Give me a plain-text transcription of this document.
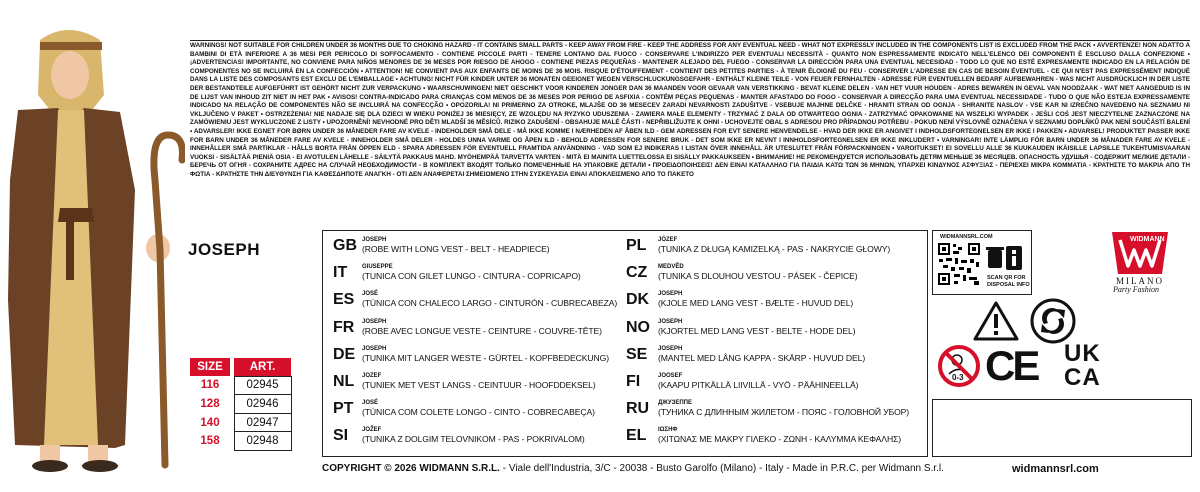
WARNINGS! NOT SUITABLE FOR CHILDREN UNDER 36 MONTHS DUE TO CHOKING HAZARD - IT CONTAINS SMALL PARTS - KEEP AWAY FROM FIRE - KEEP THE ADDRESS FOR ANY EVENTUAL NEED - WHAT NOT EXPRESSLY INCLUDED IN THE COMPONENTS LIST IS EXCLUDED FROM THE PACK • AVVERTENZE! NON ADATTO A BAMBINI DI ETÀ INFERIORE A 36 MESI PER PERICOLO DI SOFFOCAMENTO - CONTIENE PICCOLE PARTI - TENERE LONTANO DAL FUOCO - CONSERVARE L'INDIRIZZO PER EVENTUALI NECESSITÀ - QUANTO NON ESPRESSAMENTE INDICATO NELL'ELENCO DEI COMPONENTI È ESCLUSO DALLA CONFEZIONE • ¡ADVERTENCIAS! IMPORTANTE, NO CONVIENE PARA NIÑOS MENORES DE 36 MESES POR RIESGO DE AHOGO - CONTIENE PIEZAS PEQUEÑAS - MANTENER ALEJADO DEL FUEGO - CONSERVAR LA DIRECCIÓN PARA UNA EVENTUAL NECESIDAD - TODO LO QUE NO ESTÉ EXPRESAMENTE INDICADO EN LA RELACIÓN DE COMPONENTES NO SE INCLUIRÁ EN LA CONFECCIÓN • ATTENTION! NE CONVIENT PAS AUX ENFANTS DE MOINS DE 36 MOIS. RISQUE D'ÉTOUFFEMENT - CONTIENT DES PETITES PARTIES - À TENIR ÉLOIGNÉ DU FEU - CONSERVER L'ADRESSE EN CAS DE BESOIN ÉVENTUEL - CE QUI N'EST PAS EXPRESSÉMENT INDIQUÉ DANS LA LISTE DES COMPOSANTS EST EXCLU DE L'EMBALLAGE • ACHTUNG! NICHT FÜR KINDER UNTER 36 MONATEN GEEIGNET WEGEN VERSCHLUCKUNGSGEFAHR - ENTHÄLT KLEINE TEILE - VON FEUER FERNHALTEN - ADRESSE FÜR EVENTUELLEN BEDARF AUFBEWAHREN - WAS NICHT AUSDRÜCKLICH IN DER LISTE DER BESTANDTEILE AUFGEFÜHRT IST GEHÖRT NICHT ZUR VERPACKUNG • WAARSCHUWINGEN! NIET GESCHIKT VOOR KINDEREN JONGER DAN 36 MAANDEN VOOR GEVAAR VAN VERSTIKKING - BEVAT KLEINE DELEN - VAN HET VUUR HOUDEN - ADRES BEWAREN IN GEVAL VAN NOODZAAK - WAT NIET AANGEDUID IS IN DE LIJST VAN INHOUD ZIT NIET IN HET PAK • AVISOS! CONTRA-INDICADO PARA CRIANÇAS COM MENOS DE 36 MESES POR PERIGO DE ASFIXIA - CONTÉM PEÇAS PEQUENAS - MANTER AFASTADO DO FOGO - CONSERVAR A DIRECÇÃO PARA UMA EVENTUAL NECESSIDADE - TUDO O QUE NÃO ESTEJA EXPRESSAMENTE INDICADO NA RELAÇÃO DE COMPONENTES NÃO SE INCLUIRÁ NA CONFECÇÃO • OPOZORILA! NI PRIMERNO ZA OTROKE, MLAJŠE OD 36 MESECEV ZARADI NEVARNOSTI ZADUŠITVE - VSEBUJE MAJHNE DELČKE - HRANITI STRAN OD OGNJA - SHRANITE NASLOV - VSE KAR NI IZREČNO NAVEDENO NA SEZNAMU NI VKLJUČENO V PAKET • OSTRZEŻENIA! NIE NADAJE SIĘ DLA DZIECI W WIEKU PONIŻEJ 36 MIESIĘCY, ZE WZGLĘDU NA RYZYKO UDUSZENIA - ZAWIERA MAŁE ELEMENTY - TRZYMAĆ Z DALA OD OTWARTEGO OGNIA - ZATRZYMAĆ OPAKOWANIE NA WSZELKI WYPADEK - JEŚLI COŚ JEST NIECZYTELNE ZAZNACZONE NA ZAMÓWIENIU JEST WYKLUCZONE Z LISTY • UPOZORNĚNÍ! NEVHODNÉ PRO DĚTI MLADŠÍ 36 MĚSÍCŮ. RIZIKO ZADUŠENÍ - OBSAHUJE MALÉ ČÁSTI - NEPŘIBLIŽUJTE K OHNI - UCHOVEJTE OBAL S ADRESOU PRO PŘÍPADNOU POTŘEBU - POKUD NENÍ VÝSLOVNĚ OZNAČENA V SEZNAMU DOPLŇKŮ PAK NENÍ SOUČÁSTÍ BALENÍ • ADVARSLER! IKKE EGNET FOR BØRN UNDER 36 MÅNEDER FARE AV KVELE - INDEHOLDER SMÅ DELE - MÅ IKKE KOMME I NÆRHEDEN AF ÅBEN ILD - GEM ADRESSEN FOR EVT SENERE HENVENDELSE - HVAD DER IKKE ER ANGIVET I INDHOLDSFORTEGNELSEN ER IKKE I PAKKEN • ADVARSEL! PRODUKTET PASSER IKKE FOR BARN UNDER 36 MÅNEDER FARE AV KVELE - INNEHOLDER SMÅ DELER - HOLDES UNNA VARME OG ÅPEN ILD - BEHOLD ADRESSEN FOR SENERE BRUK - DET SOM IKKE ER NEVNT I INNHOLDSFORTEGNELSEN ER IKKE INKLUDERT • VARNINGAR! INTE LÄMPLIG FÖR BARN UNDER 36 MÅNADER FARE AV KVELE - INNEHÅLLER SMÅ PARTIKLAR - HÅLLS BORTA FRÅN ÖPPEN ELD - SPARA ADRESSEN FÖR EVENTUELL FRAMTIDA ANVÄNDNING - VAD SOM EJ INDIKERAS I LISTAN ÖVER INNEHÅLL ÄR UTESLUTET FRÅN FÖRPACKNINGEN • VAROITUKSET! EI SOVELLU ALLE 36 KUUKAUDEN IKÄISILLE LAPSILLE TUKEHTUMISVAARAN VUOKSI - SISÄLTÄÄ PIENIÄ OSIA - EI AVOTULEN LÄHELLE - SÄILYTÄ PAKKAUS MAHD. MYÖHEMPÄÄ TARVETTA VARTEN - MITÄ EI MAINITA LUETTELOSSA EI SISÄLLY PAKKAUKSEEN • ВНИМАНИЕ! НЕ РЕКОМЕНДУЕТСЯ ИСПОЛЬЗОВАТЬ ДЕТЯМ МЕНЬШЕ 36 МЕСЯЦЕВ. ОПАСНОСТЬ УДУШЬЯ - СОДЕРЖИТ МЕЛКИЕ ДЕТАЛИ - БЕРЕЧЬ ОТ ОГНЯ - СОХРАНИТЕ АДРЕС НА СЛУЧАЙ НЕОБХОДИМОСТИ - В КОМПЛЕКТ ВХОДЯТ ТОЛЬКО ПОМЕЧЕННЫЕ НА УПАКОВКЕ ДЕТАЛИ • ΠΡΟΕΙΔΟΠΟΙΗΣΕΙΣ! ΔΕΝ ΕΙΝΑΙ ΚΑΤΑΛΛΗΛΟ ΓΙΑ ΠΑΙΔΙΑ ΚΑΤΩ ΤΩΝ 36 ΜΗΝΩΝ, ΥΠΑΡΧΕΙ ΚΙΝΔΥΝΟΣ ΑΣΦΥΞΙΑΣ - ΠΕΡΙΕΧΕΙ ΜΙΚΡΑ ΚΟΜΜΑΤΙΑ - ΚΡΑΤΗΣΤΕ ΤΟ ΜΑΚΡΙΑ ΑΠΟ ΤΗ ΦΩΤΙΑ - ΚΡΑΤΗΣΤΕ ΤΗΝ ΔΙΕΥΘΥΝΣΗ ΓΙΑ ΚΑΘΕΣΔΗΠΟΤΕ ΑΝΑΓΚΗ - ΟΤΙ ΔΕΝ ΑΝΑΦΕΡΕΤΑΙ ΣΗΜΕΙΩΜΕΝΟ ΣΤΗΝ ΣΥΣΚΕΥΑΣΙΑ ΕΙΝΑΙ ΑΠΟΚΛΕΙΣΜΕΝΟ ΑΠΟ ΤΟ ΠΑΚΕΤΟ
JOSEPH	GB JOSEPH
(ROBE WITH LONG VEST - BELT - HEADPIECE)
IT GIUSEPPE
(TUNICA CON GILET LUNGO - CINTURA - COPRICAPO)
ES JOSÉ
(TÚNICA CON CHALECO LARGO - CINTURÓN - CUBRECABEZA)
FR JOSEPH
(ROBE AVEC LONGUE VESTE - CEINTURE - COUVRE-TÊTE)
DE JOSEPH
(TUNIKA MIT LANGER WESTE - GÜRTEL - KOPFBEDECKUNG)
NL JOZEF
(TUNIEK MET VEST LANGS - CEINTUUR - HOOFDDEKSEL)
PT JOSÉ
(TÚNICA COM COLETE LONGO - CINTO - COBRECABEÇA)
SI JOŽEF
(TUNIKA Z DOLGIM TELOVNIKOM - PAS - POKRIVALOM)
PL JÓZEF
(TUNIKA Z DŁUGĄ KAMIZELKĄ - PAS - NAKRYCIE GŁOWY)
CZ MEDVĚD
(TUNIKA S DLOUHOU VESTOU - PÁSEK - ČEPICE)
DK JOSEPH
(KJOLE MED LANG VEST - BÆLTE - HUVUD DEL)
NO JOSEPH
(KJORTEL MED LANG VEST - BELTE - HODE DEL)
SE JOSEPH
(MANTEL MED LÅNG KAPPA - SKÄRP - HUVUD DEL)
FI	JOOSEF
(KAAPU PITKÄLLÄ LIIVILLÄ - VYÖ - PÄÄHINEELLÄ)
RU ДЖУЗЕППЕ
(ТУНИКА С ДЛИННЫМ ЖИЛЕТОМ - ПОЯС - ГОЛОВНОЙ УБОР)
EL ΙΩΣΗΦ
(ΧΙΤΩΝΑΣ ΜΕ ΜΑΚΡΥ ΓΙΛΕΚΟ - ΖΩΝΗ - ΚΑΛΥΜΜΑ ΚΕΦΑΛΗΣ)
SIZE		ART.
116		02945
128		02946
140		02947
158		02948
WIDMANNSRL.COM
SCAN QR FOR
DISPOSAL INFO
WIDMANN
MILANO
Party Fashion
0-3 CE UK
CA
COPYRIGHT © 2026 WIDMANN S.R.L. - Viale dell'Industria, 3/C - 20038 - Busto Garolfo (Milano) - Italy - Made in P.R.C. per Widmann S.r.l.	widmannsrl.com
